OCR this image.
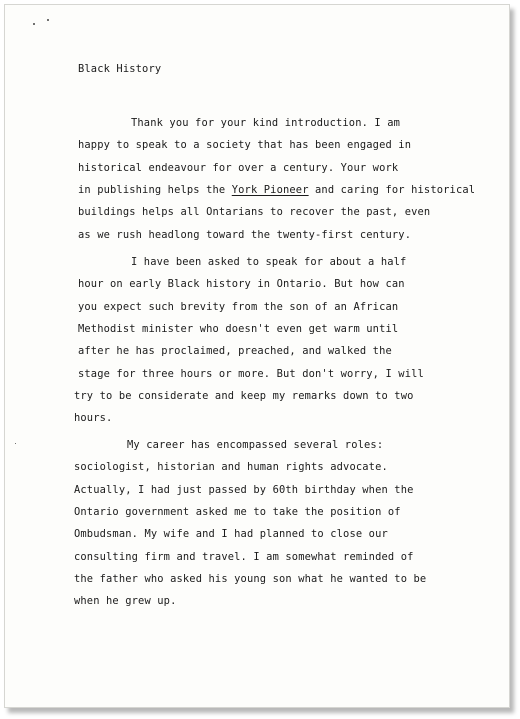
Black History
Thank you for your kind introduction. I am
happy to speak to a society that has been engaged in
historical endeavour for over a century. Your work
in publishing helps the York Pioneer and caring for historical
buildings helps all Ontarians to recover the past, even
as we rush headlong toward the twenty-first century.
I have been asked to speak for about a half
hour on early Black history in Ontario. But how can
you expect such brevity from the son of an African
Methodist minister who doesn't even get warm until
after he has proclaimed, preached, and walked the
stage for three hours or more. But don't worry, I will
try to be considerate and keep my remarks down to two
hours.
My career has encompassed several roles:
sociologist, historian and human rights advocate.
Actually, I had just passed by 60th birthday when the
Ontario government asked me to take the position of
Ombudsman. My wife and I had planned to close our
consulting firm and travel. I am somewhat reminded of
the father who asked his young son what he wanted to be
when he grew up.
